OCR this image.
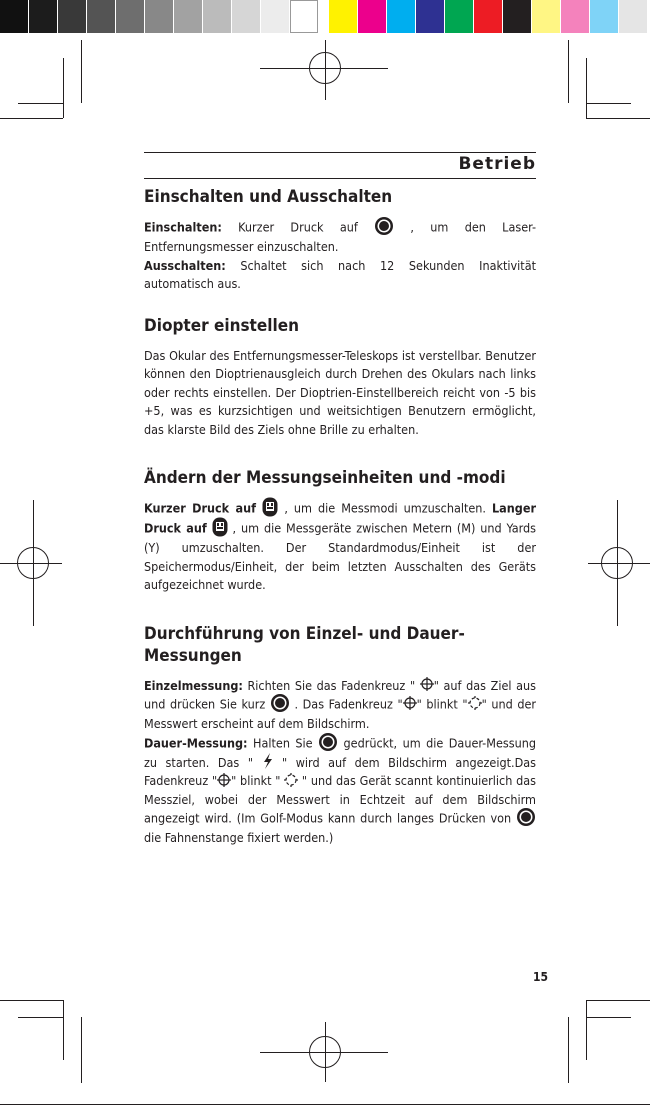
Betrieb
Einschalten und Ausschalten

Einschalten: Kurzer Druck auf  , um den Laser-Entfernungsmesser einzuschalten.

Ausschalten: Schaltet sich nach 12 Sekunden Inaktivität automatisch aus.

Diopter einstellen

Das Okular des Entfernungsmesser-Teleskops ist verstellbar. Benutzer können den Dioptrienausgleich durch Drehen des Okulars nach links oder rechts einstellen. Der Dioptrien-Einstellbereich reicht von -5 bis +5, was es kurzsichtigen und weitsichtigen Benutzern ermöglicht, das klarste Bild des Ziels ohne Brille zu erhalten.

Ändern der Messungseinheiten und -modi

Kurzer Druck auf  , um die Messmodi umzuschalten. Langer Druck auf  , um die Messgeräte zwischen Metern (M) und Yards (Y) umzuschalten. Der Standardmodus/Einheit ist der Speichermodus/Einheit, der beim letzten Ausschalten des Geräts aufgezeichnet wurde.

Durchführung von Einzel- und Dauer-Messungen

Einzelmessung: Richten Sie das Fadenkreuz " " auf das Ziel aus und drücken Sie kurz  . Das Fadenkreuz " " blinkt " " und der Messwert erscheint auf dem Bildschirm.

Dauer-Messung: Halten Sie  gedrückt, um die Dauer-Messung zu starten. Das "  " wird auf dem Bildschirm angezeigt.Das Fadenkreuz " " blinkt "  " und das Gerät scannt kontinuierlich das Messziel, wobei der Messwert in Echtzeit auf dem Bildschirm angezeigt wird. (Im Golf-Modus kann durch langes Drücken von  die Fahnenstange fixiert werden.)

15
